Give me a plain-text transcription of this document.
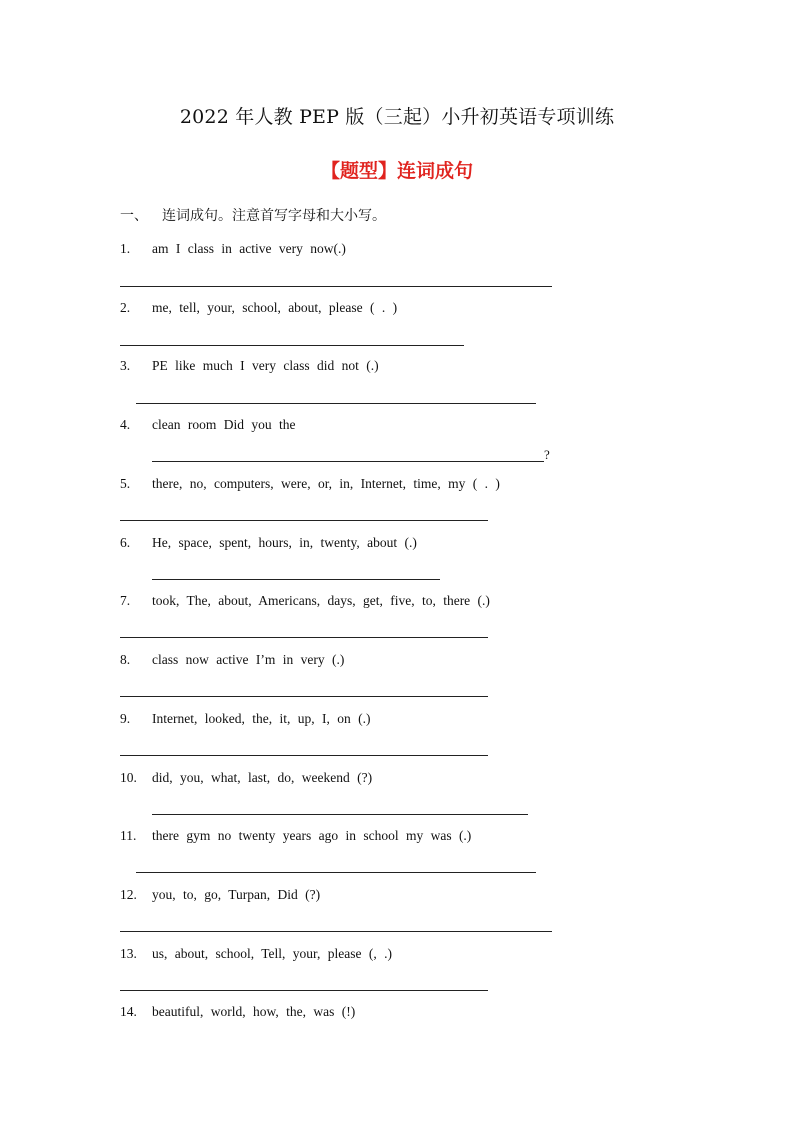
2022 年人教 PEP 版（三起）小升初英语专项训练
【题型】连词成句
一、 连词成句。注意首写字母和大小写。
1. am I class in active very now(.)
2. me, tell, your, school, about, please ( . )
3. PE like much I very class did not (.)
4. clean room Did you the
?
5. there, no, computers, were, or, in, Internet, time, my ( . )
6. He, space, spent, hours, in, twenty, about (.)
7. took, The, about, Americans, days, get, five, to, there (.)
8. class now active I’m in very (.)
9. Internet, looked, the, it, up, I, on (.)
10. did, you, what, last, do, weekend (?)
11. there gym no twenty years ago in school my was (.)
12. you, to, go, Turpan, Did (?)
13. us, about, school, Tell, your, please (, .)
14. beautiful, world, how, the, was (!)
